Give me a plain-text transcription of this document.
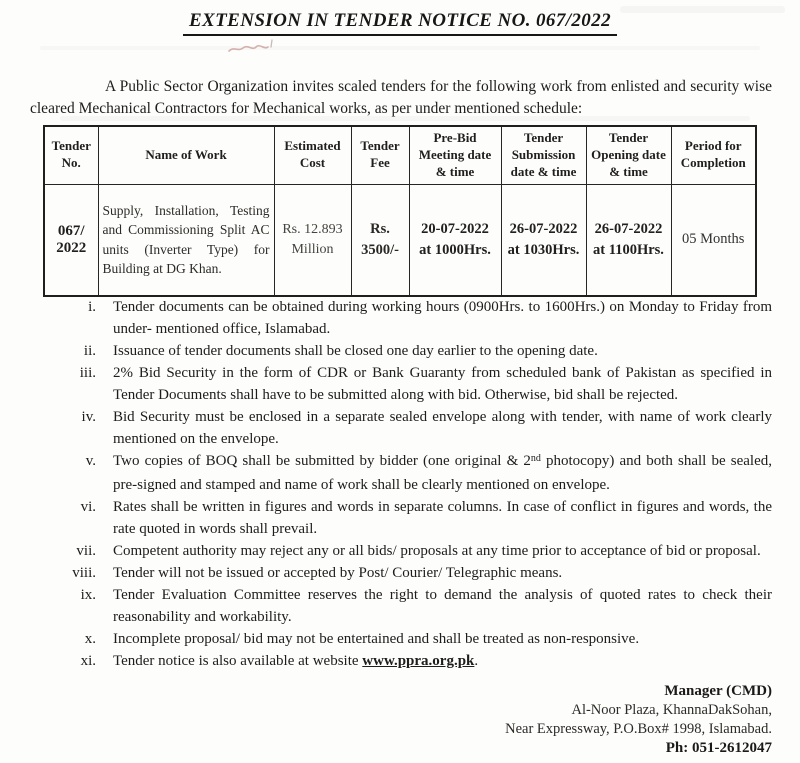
EXTENSION IN TENDER NOTICE NO. 067/2022

A Public Sector Organization invites scaled tenders for the following work from enlisted and security wise cleared Mechanical Contractors for Mechanical works, as per under mentioned schedule:

Tender No.	Name of Work	Estimated Cost	Tender Fee	Pre-Bid Meeting date & time	Tender Submission date & time	Tender Opening date & time	Period for Completion
067/ 2022	Supply, Installation, Testing and Commissioning Split AC units (Inverter Type) for Building at DG Khan.	Rs. 12.893 Million	Rs. 3500/-	20-07-2022 at 1000Hrs.	26-07-2022 at 1030Hrs.	26-07-2022 at 1100Hrs.	05 Months
i. Tender documents can be obtained during working hours (0900Hrs. to 1600Hrs.) on Monday to Friday from under- mentioned office, Islamabad.
ii. Issuance of tender documents shall be closed one day earlier to the opening date.
iii. 2% Bid Security in the form of CDR or Bank Guaranty from scheduled bank of Pakistan as specified in Tender Documents shall have to be submitted along with bid. Otherwise, bid shall be rejected.
iv. Bid Security must be enclosed in a separate sealed envelope along with tender, with name of work clearly mentioned on the envelope.
v. Two copies of BOQ shall be submitted by bidder (one original & 2nd photocopy) and both shall be sealed, pre-signed and stamped and name of work shall be clearly mentioned on envelope.
vi. Rates shall be written in figures and words in separate columns. In case of conflict in figures and words, the rate quoted in words shall prevail.
vii. Competent authority may reject any or all bids/ proposals at any time prior to acceptance of bid or proposal.
viii. Tender will not be issued or accepted by Post/ Courier/ Telegraphic means.
ix. Tender Evaluation Committee reserves the right to demand the analysis of quoted rates to check their reasonability and workability.
x. Incomplete proposal/ bid may not be entertained and shall be treated as non-responsive.
xi. Tender notice is also available at website www.ppra.org.pk.
Manager (CMD)
Al-Noor Plaza, KhannaDakSohan,
Near Expressway, P.O.Box# 1998, Islamabad.
Ph: 051-2612047
